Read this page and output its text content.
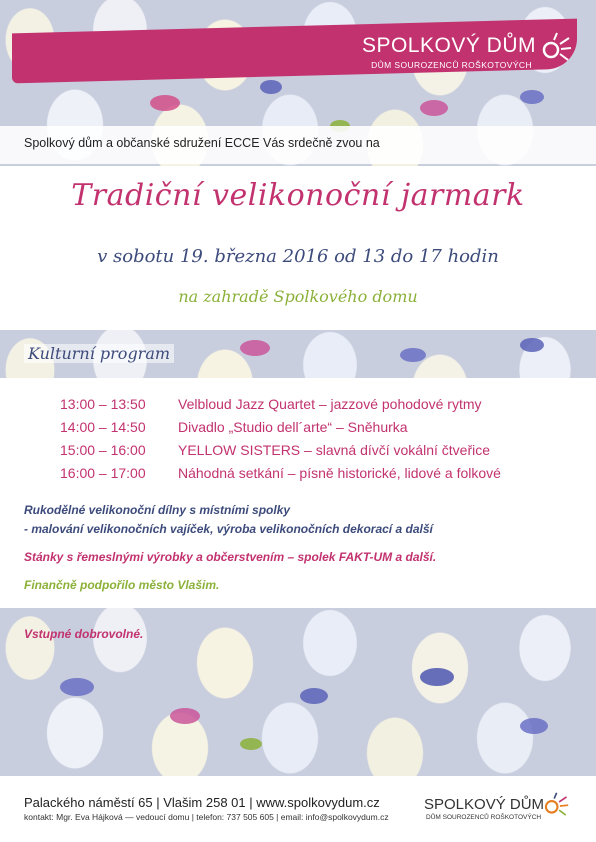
SPOLKOVÝ DŮM
DŮM SOUROZENCŮ ROŠKOTOVÝCH
Spolkový dům a občanské sdružení ECCE Vás srdečně zvou na
Tradiční velikonoční jarmark
v sobotu 19. března 2016 od 13 do 17 hodin
na zahradě Spolkového domu
Kulturní program
13:00 – 13:50	Velbloud Jazz Quartet – jazzové pohodové rytmy
14:00 – 14:50	Divadlo „Studio dell´arte“ – Sněhurka
15:00 – 16:00	YELLOW SISTERS – slavná dívčí vokální čtveřice
16:00 – 17:00	Náhodná setkání – písně historické, lidové a folkové
Rukodělné velikonoční dílny s místními spolky
- malování velikonočních vajíček, výroba velikonočních dekorací a další
Stánky s řemeslnými výrobky a občerstvením – spolek FAKT-UM a další.
Finančně podpořilo město Vlašim.
Vstupné dobrovolné.
Palackého náměstí 65 | Vlašim 258 01 | www.spolkovydum.cz
kontakt: Mgr. Eva Hájková — vedoucí domu | telefon: 737 505 605 | email: info@spolkovydum.cz
SPOLKOVÝ DŮM
DŮM SOUROZENCŮ ROŠKOTOVÝCH
